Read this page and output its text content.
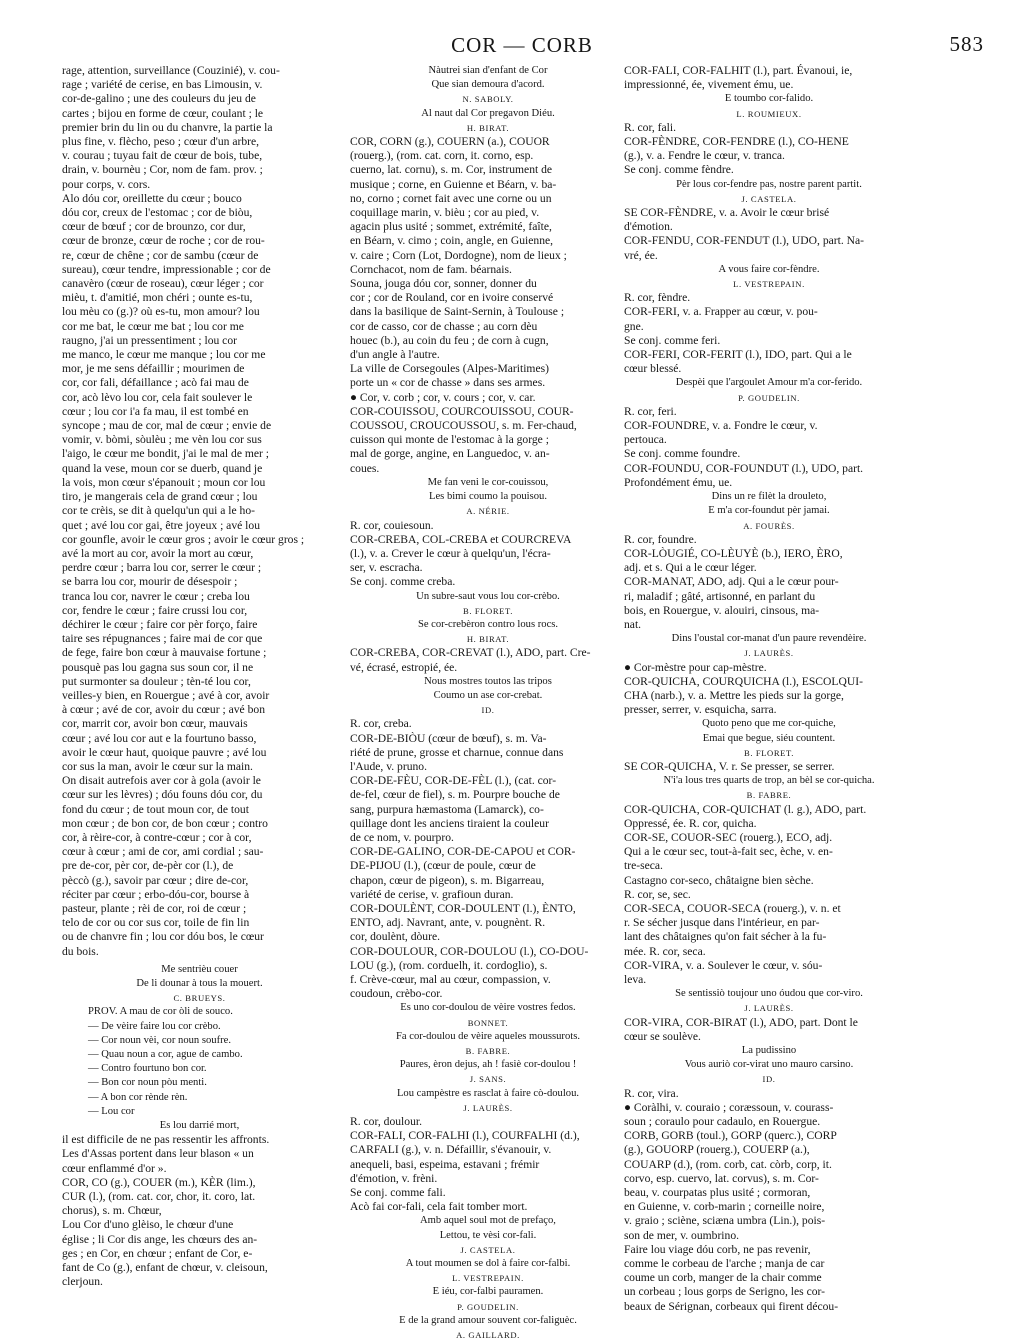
COR — CORB	583
rage, attention, surveillance (Couzinié), v. cou-
rage ; variété de cerise, en bas Limousin, v.
cor-de-galino ; une des couleurs du jeu de
cartes ; bijou en forme de cœur, coulant ; le
premier brin du lin ou du chanvre, la partie la
plus fine, v. flècho, peso ; cœur d'un arbre,
v. courau ; tuyau fait de cœur de bois, tube,
drain, v. bournèu ; Cor, nom de fam. prov. ;
pour corps, v. cors.
Alo dóu cor, oreillette du cœur ; bouco
dóu cor, creux de l'estomac ; cor de biòu,
cœur de bœuf ; cor de brounzo, cor dur,
cœur de bronze, cœur de roche ; cor de rou-
re, cœur de chêne ; cor de sambu (cœur de
sureau), cœur tendre, impressionable ; cor de
canavèro (cœur de roseau), cœur léger ; cor
mièu, t. d'amitié, mon chéri ; ounte es-tu,
lou mèu co (g.)? où es-tu, mon amour? lou
cor me bat, le cœur me bat ; lou cor me
raugno, j'ai un pressentiment ; lou cor
me manco, le cœur me manque ; lou cor me
mor, je me sens défaillir ; mourimen de
cor, cor fali, défaillance ; acò fai mau de
cor, acò lèvo lou cor, cela fait soulever le
cœur ; lou cor i'a fa mau, il est tombé en
syncope ; mau de cor, mal de cœur ; envie de
vomir, v. bòmi, sòulèu ; me vèn lou cor sus
l'aigo, le cœur me bondit, j'ai le mal de mer ;
quand la vese, moun cor se duerb, quand je
la vois, mon cœur s'épanouit ; moun cor lou
tiro, je mangerais cela de grand cœur ; lou
cor te crèis, se dit à quelqu'un qui a le ho-
quet ; avé lou cor gai, être joyeux ; avé lou
cor gounfle, avoir le cœur gros ; avoir le cœur gros ;
avé la mort au cor, avoir la mort au cœur,
perdre cœur ; barra lou cor, serrer le cœur ;
se barra lou cor, mourir de désespoir ;
tranca lou cor, navrer le cœur ; creba lou
cor, fendre le cœur ; faire crussi lou cor,
déchirer le cœur ; faire cor pèr forço, faire
taire ses répugnances ; faire mai de cor que
de fege, faire bon cœur à mauvaise fortune ;
pousquè pas lou gagna sus soun cor, il ne
put surmonter sa douleur ; tèn-té lou cor,
veilles-y bien, en Rouergue ; avé à cor, avoir
à cœur ; avé de cor, avoir du cœur ; avé bon
cor, marrit cor, avoir bon cœur, mauvais
cœur ; avé lou cor aut e la fourtuno basso,
avoir le cœur haut, quoique pauvre ; avé lou
cor sus la man, avoir le cœur sur la main.
On disait autrefois aver cor à gola (avoir le
cœur sur les lèvres) ; dóu founs dóu cor, du
fond du cœur ; de tout moun cor, de tout
mon cœur ; de bon cor, de bon cœur ; contro
cor, à rèire-cor, à contre-cœur ; cor à cor,
cœur à cœur ; ami de cor, ami cordial ; sau-
pre de-cor, pèr cor, de-pèr cor (l.), de
pèccò (g.), savoir par cœur ; dire de-cor,
réciter par cœur ; erbo-dóu-cor, bourse à
pasteur, plante ; rèi de cor, roi de cœur ;
telo de cor ou cor sus cor, toile de fin lin
ou de chanvre fin ; lou cor dóu bos, le cœur
du bois.
Me sentrièu couer
De li dounar à tous la mouert.
C. BRUEYS.
PROV. A mau de cor òli de souco.
— De vèire faire lou cor crèbo.
— Cor noun vèi, cor noun soufre.
— Quau noun a cor, ague de cambo.
— Contro fourtuno bon cor.
— Bon cor noun pòu menti.
— A bon cor rènde rèn.
— Lou cor
Es lou darrié mort,
il est difficile de ne pas ressentir les affronts.
Les d'Assas portent dans leur blason « un
cœur enflammé d'or ».
COR, CO (g.), COUER (m.), KÈR (lim.),
CUR (l.), (rom. cat. cor, chor, it. coro, lat.
chorus), s. m. Chœur,
Lou Cor d'uno glèiso, le chœur d'une
église ; li Cor dis ange, les chœurs des an-
ges ; en Cor, en chœur ; enfant de Cor, e-
fant de Co (g.), enfant de chœur, v. cleisoun,
clerjoun.
Nàutrei sian d'enfant de Cor
Que sian demoura d'acord.
N. SABOLY.
Al naut dal Cor pregavon Diéu.
H. BIRAT.
COR, CORN (g.), COUERN (a.), COUOR
(rouerg.), (rom. cat. corn, it. corno, esp.
cuerno, lat. cornu), s. m. Cor, instrument de
musique ; corne, en Guienne et Béarn, v. ba-
no, corno ; cornet fait avec une corne ou un
coquillage marin, v. bièu ; cor au pied, v.
agacin plus usité ; sommet, extrémité, faîte,
en Béarn, v. cimo ; coin, angle, en Guienne,
v. caire ; Corn (Lot, Dordogne), nom de lieux ;
Cornchacot, nom de fam. béarnais.
Souna, jouga dóu cor, sonner, donner du
cor ; cor de Rouland, cor en ivoire conservé
dans la basilique de Saint-Sernin, à Toulouse ;
cor de casso, cor de chasse ; au corn dèu
houec (b.), au coin du feu ; de corn à cugn,
d'un angle à l'autre.
La ville de Corsegoules (Alpes-Maritimes)
porte un « cor de chasse » dans ses armes.
● Cor, v. corb ; cor, v. cours ; cor, v. car.
COR-COUISSOU, COURCOUISSOU, COUR-
COUSSOU, CROUCOUSSOU, s. m. Fer-chaud,
cuisson qui monte de l'estomac à la gorge ;
mal de gorge, angine, en Languedoc, v. an-
coues.
Me fan veni le cor-couissou,
Les bimi coumo la pouisou.
A. NÉRIE.
R. cor, couiesoun.
COR-CREBA, COL-CREBA et COURCREVA
(l.), v. a. Crever le cœur à quelqu'un, l'écra-
ser, v. escracha.
Se conj. comme creba.
Un subre-saut vous lou cor-crèbo.
B. FLORET.
Se cor-crebèron contro lous rocs.
H. BIRAT.
COR-CREBA, COR-CREVAT (l.), ADO, part. Cre-
vé, écrasé, estropié, ée.
Nous mostres toutos las tripos
Coumo un ase cor-crebat.
ID.
R. cor, creba.
COR-DE-BIÒU (cœur de bœuf), s. m. Va-
riété de prune, grosse et charnue, connue dans
l'Aude, v. pruno.
COR-DE-FÈU, COR-DE-FÈL (l.), (cat. cor-
de-fel, cœur de fiel), s. m. Pourpre bouche de
sang, purpura hæmastoma (Lamarck), co-
quillage dont les anciens tiraient la couleur
de ce nom, v. pourpro.
COR-DE-GALINO, COR-DE-CAPOU et COR-
DE-PIJOU (l.), (cœur de poule, cœur de
chapon, cœur de pigeon), s. m. Bigarreau,
variété de cerise, v. grafioun duran.
COR-DOULÈNT, COR-DOULENT (l.), ÈNTO,
ENTO, adj. Navrant, ante, v. pougnènt. R.
cor, doulènt, dòure.
COR-DOULOUR, COR-DOULOU (l.), CO-DOU-
LOU (g.), (rom. corduelh, it. cordoglio), s.
f. Crève-cœur, mal au cœur, compassion, v.
coudoun, crèbo-cor.
Es uno cor-doulou de vèire vostres fedos.
BONNET.
Fa cor-doulou de vèire aqueles moussurots.
B. FABRE.
Paures, èron dejus, ah ! fasiè cor-doulou !
J. SANS.
Lou campèstre es rasclat à faire cò-doulou.
J. LAURÈS.
R. cor, doulour.
COR-FALI, COR-FALHI (l.), COURFALHI (d.),
CARFALI (g.), v. n. Défaillir, s'évanouir, v.
anequeli, basi, espeima, estavani ; frémir
d'émotion, v. frèni.
Se conj. comme fali.
Acò fai cor-fali, cela fait tomber mort.
Amb aquel soul mot de prefaço,
Lettou, te vèsi cor-fali.
J. CASTELA.
A tout moumen se dol à faire cor-falbi.
L. VESTREPAIN.
E iéu, cor-falbi pauramen.
P. GOUDELIN.
E de la grand amour souvent cor-faliguèc.
A. GAILLARD.
COR-FALI, COR-FALHIT (l.), part. Évanoui, ie,
impressionné, ée, vivement ému, ue.
E toumbo cor-falido.
L. ROUMIEUX.
R. cor, fali.
COR-FÈNDRE, COR-FENDRE (l.), CO-HENE
(g.), v. a. Fendre le cœur, v. tranca.
Se conj. comme fèndre.
Pèr lous cor-fendre pas, nostre parent partit.
J. CASTELA.
SE COR-FÈNDRE, v. a. Avoir le cœur brisé
d'émotion.
COR-FENDU, COR-FENDUT (l.), UDO, part. Na-
vré, ée.
A vous faire cor-fèndre.
L. VESTREPAIN.
R. cor, fèndre.
COR-FERI, v. a. Frapper au cœur, v. pou-
gne.
Se conj. comme feri.
COR-FERI, COR-FERIT (l.), IDO, part. Qui a le
cœur blessé.
Despèi que l'argoulet Amour m'a cor-ferido.
P. GOUDELIN.
R. cor, feri.
COR-FOUNDRE, v. a. Fondre le cœur, v.
pertouca.
Se conj. comme foundre.
COR-FOUNDU, COR-FOUNDUT (l.), UDO, part.
Profondément ému, ue.
Dins un re filèt la drouleto,
E m'a cor-foundut pèr jamai.
A. FOURÈS.
R. cor, foundre.
COR-LÒUGIÉ, CO-LÈUYÈ (b.), IERO, ÈRO,
adj. et s. Qui a le cœur léger.
COR-MANAT, ADO, adj. Qui a le cœur pour-
ri, maladif ; gâté, artisonné, en parlant du
bois, en Rouergue, v. alouiri, cinsous, ma-
nat.
Dins l'oustal cor-manat d'un paure revendèire.
J. LAURÈS.
● Cor-mèstre pour cap-mèstre.
COR-QUICHA, COURQUICHA (l.), ESCOLQUI-
CHA (narb.), v. a. Mettre les pieds sur la gorge,
presser, serrer, v. esquicha, sarra.
Quoto peno que me cor-quiche,
Emai que begue, siéu countent.
B. FLORET.
SE COR-QUICHA, V. r. Se presser, se serrer.
N'i'a lous tres quarts de trop, an bèl se cor-quicha.
B. FABRE.
COR-QUICHA, COR-QUICHAT (l. g.), ADO, part.
Oppressé, ée. R. cor, quicha.
COR-SE, COUOR-SEC (rouerg.), ECO, adj.
Qui a le cœur sec, tout-à-fait sec, èche, v. en-
tre-seca.
Castagno cor-seco, châtaigne bien sèche.
R. cor, se, sec.
COR-SECA, COUOR-SECA (rouerg.), v. n. et
r. Se sécher jusque dans l'intérieur, en par-
lant des châtaignes qu'on fait sécher à la fu-
mée. R. cor, seca.
COR-VIRA, v. a. Soulever le cœur, v. sóu-
leva.
Se sentissiò toujour uno óudou que cor-viro.
J. LAURÈS.
COR-VIRA, COR-BIRAT (l.), ADO, part. Dont le
cœur se soulève.
La pudissino
Vous auriò cor-virat uno mauro carsino.
ID.
R. cor, vira.
● Coràlhi, v. couraio ; coræssoun, v. courass-
soun ; coraulo pour cadaulo, en Rouergue.
CORB, GORB (toul.), GORP (querc.), CORP
(g.), GOUORP (rouerg.), COUERP (a.),
COUARP (d.), (rom. corb, cat. còrb, corp, it.
corvo, esp. cuervo, lat. corvus), s. m. Cor-
beau, v. courpatas plus usité ; cormoran,
en Guienne, v. corb-marin ; corneille noire,
v. graio ; sciène, sciæna umbra (Lin.), pois-
son de mer, v. oumbrino.
Faire lou viage dóu corb, ne pas revenir,
comme le corbeau de l'arche ; manja de car
coume un corb, manger de la chair comme
un corbeau ; lous gorps de Serigno, les cor-
beaux de Sérignan, corbeaux qui firent décou-
